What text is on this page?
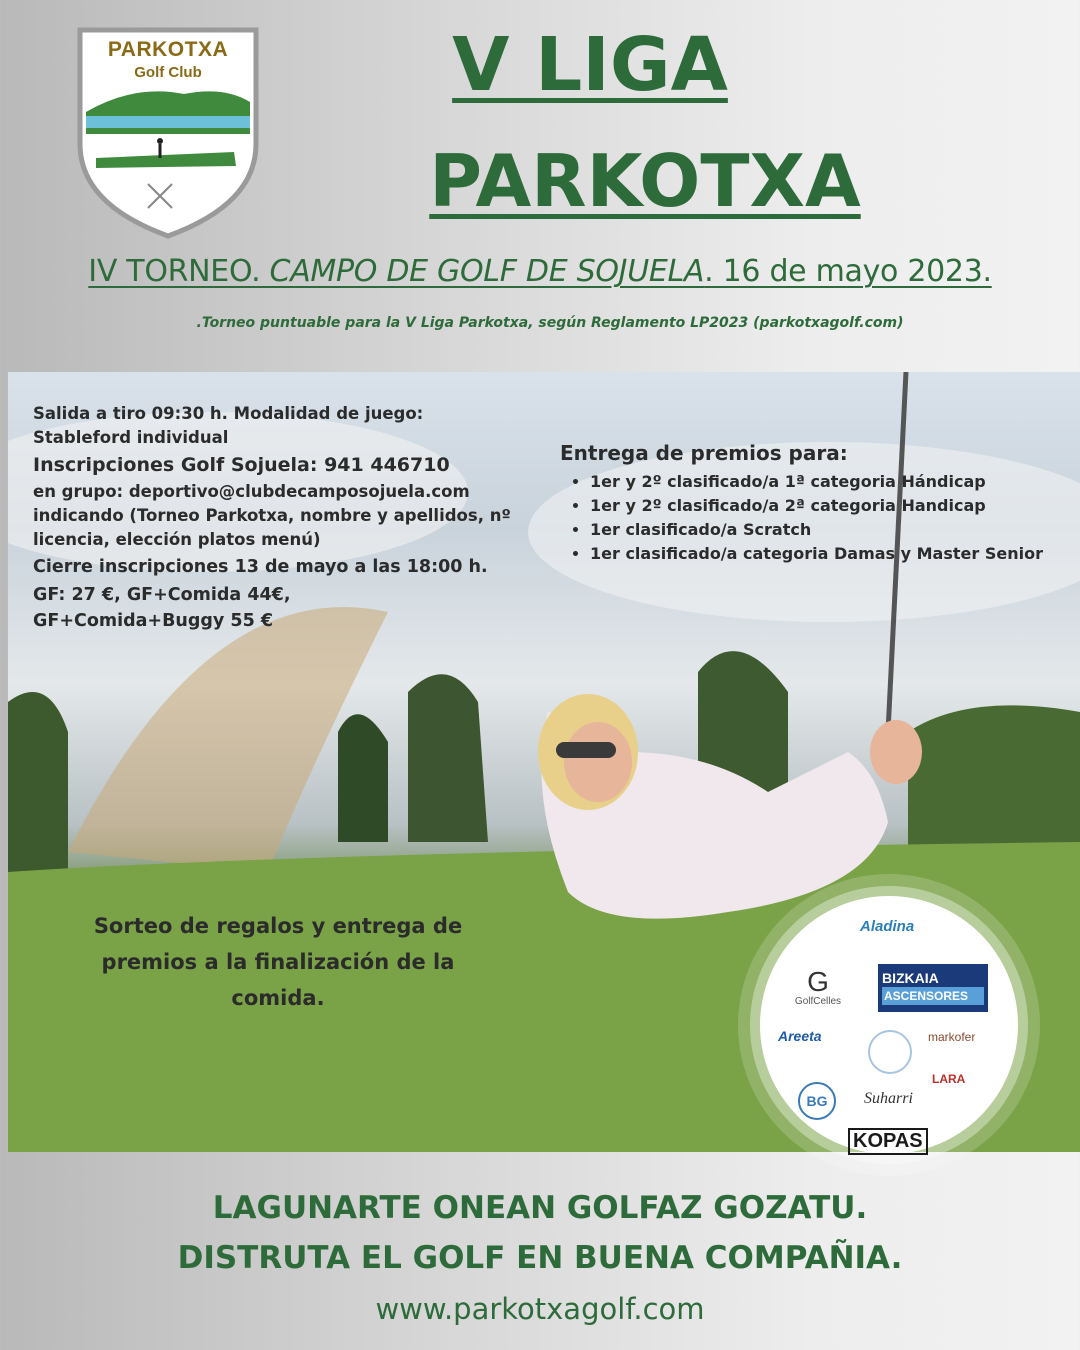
PARKOTXA
Golf Club	V LIGA
PARKOTXA
IV TORNEO. CAMPO DE GOLF DE SOJUELA. 16 de mayo 2023.
.Torneo puntuable para la V Liga Parkotxa, según Reglamento LP2023 (parkotxagolf.com)
Salida a tiro 09:30 h. Modalidad de juego:
Stableford individual
Inscripciones Golf Sojuela: 941 446710
en grupo: deportivo@clubdecamposojuela.com
indicando (Torneo Parkotxa, nombre y apellidos, nº
licencia, elección platos menú)
Cierre inscripciones 13 de mayo a las 18:00 h.
GF: 27 €, GF+Comida 44€,
GF+Comida+Buggy 55 €
Entrega de premios para:
• 1er y 2º clasificado/a 1ª categoria Hándicap
• 1er y 2º clasificado/a 2ª categoria Handicap
• 1er clasificado/a Scratch
• 1er clasificado/a categoria Damas y Master Senior
Sorteo de regalos y entrega de
premios a la finalización de la
comida.
Aladina
G
GolfCelles
BIZKAIA
ASCENSORES
Areeta	markofer
LARA
BG	Suharri
KOPAS
LAGUNARTE ONEAN GOLFAZ GOZATU.
DISTRUTA EL GOLF EN BUENA COMPAÑIA.
www.parkotxagolf.com
